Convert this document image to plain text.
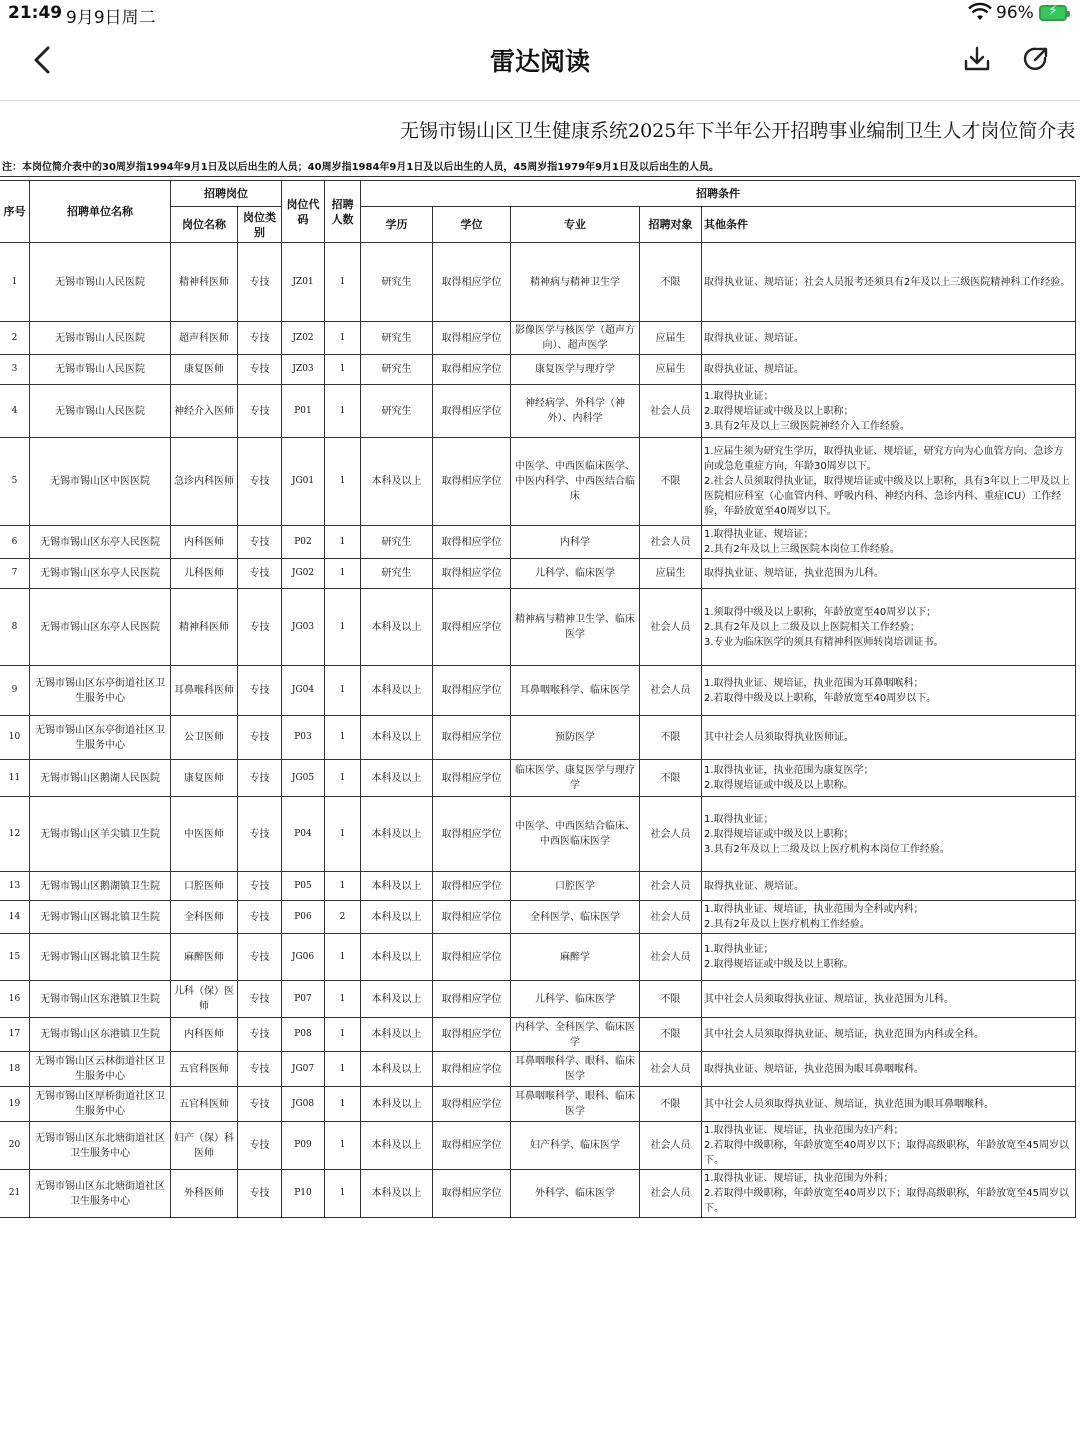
21:49 9月9日周二	96%	⚡
雷达阅读
无锡市锡山区卫生健康系统2025年下半年公开招聘事业编制卫生人才岗位简介表
注：本岗位简介表中的30周岁指1994年9月1日及以后出生的人员；40周岁指1984年9月1日及以后出生的人员，45周岁指1979年9月1日及以后出生的人员。
序号	招聘单位名称	招聘岗位		岗位代码	招聘人数	招聘条件				
		岗位名称	岗位类别			学历	学位	专业	招聘对象	其他条件
1	无锡市锡山人民医院	精神科医师	专技	JZ01	1	研究生	取得相应学位	精神病与精神卫生学	不限	取得执业证、规培证；社会人员报考还须具有2年及以上三级医院精神科工作经验。
2	无锡市锡山人民医院	超声科医师	专技	JZ02	1	研究生	取得相应学位	影像医学与核医学（超声方向）、超声医学	应届生	取得执业证、规培证。
3	无锡市锡山人民医院	康复医师	专技	JZ03	1	研究生	取得相应学位	康复医学与理疗学	应届生	取得执业证、规培证。
4	无锡市锡山人民医院	神经介入医师	专技	P01	1	研究生	取得相应学位	神经病学、外科学（神外）、内科学	社会人员	1.取得执业证；
2.取得规培证或中级及以上职称；
3.具有2年及以上三级医院神经介入工作经验。
5	无锡市锡山区中医医院	急诊内科医师	专技	JG01	1	本科及以上	取得相应学位	中医学、中西医临床医学、中医内科学、中西医结合临床	不限	1.应届生须为研究生学历，取得执业证、规培证，研究方向为心血管方向、急诊方向或急危重症方向，年龄30周岁以下。
2.社会人员须取得执业证，取得规培证或中级及以上职称，具有3年以上二甲及以上医院相应科室（心血管内科、呼吸内科、神经内科、急诊内科、重症ICU）工作经验，年龄放宽至40周岁以下。
6	无锡市锡山区东亭人民医院	内科医师	专技	P02	1	研究生	取得相应学位	内科学	社会人员	1.取得执业证、规培证；
2.具有2年及以上三级医院本岗位工作经验。
7	无锡市锡山区东亭人民医院	儿科医师	专技	JG02	1	研究生	取得相应学位	儿科学、临床医学	应届生	取得执业证、规培证，执业范围为儿科。
8	无锡市锡山区东亭人民医院	精神科医师	专技	JG03	1	本科及以上	取得相应学位	精神病与精神卫生学、临床医学	社会人员	1.须取得中级及以上职称，年龄放宽至40周岁以下；
2.具有2年及以上二级及以上医院相关工作经验；
3.专业为临床医学的须具有精神科医师转岗培训证书。
9	无锡市锡山区东亭街道社区卫生服务中心	耳鼻喉科医师	专技	JG04	1	本科及以上	取得相应学位	耳鼻咽喉科学、临床医学	社会人员	1.取得执业证、规培证，执业范围为耳鼻咽喉科；
2.若取得中级及以上职称，年龄放宽至40周岁以下。
10	无锡市锡山区东亭街道社区卫生服务中心	公卫医师	专技	P03	1	本科及以上	取得相应学位	预防医学	不限	其中社会人员须取得执业医师证。
11	无锡市锡山区鹅湖人民医院	康复医师	专技	JG05	1	本科及以上	取得相应学位	临床医学、康复医学与理疗学	不限	1.取得执业证，执业范围为康复医学；
2.取得规培证或中级及以上职称。
12	无锡市锡山区羊尖镇卫生院	中医医师	专技	P04	1	本科及以上	取得相应学位	中医学、中西医结合临床、中西医临床医学	社会人员	1.取得执业证；
2.取得规培证或中级及以上职称；
3.具有2年及以上二级及以上医疗机构本岗位工作经验。
13	无锡市锡山区鹅湖镇卫生院	口腔医师	专技	P05	1	本科及以上	取得相应学位	口腔医学	社会人员	取得执业证、规培证。
14	无锡市锡山区锡北镇卫生院	全科医师	专技	P06	2	本科及以上	取得相应学位	全科医学、临床医学	社会人员	1.取得执业证、规培证，执业范围为全科或内科；
2.具有2年及以上医疗机构工作经验。
15	无锡市锡山区锡北镇卫生院	麻醉医师	专技	JG06	1	本科及以上	取得相应学位	麻醉学	社会人员	1.取得执业证；
2.取得规培证或中级及以上职称。
16	无锡市锡山区东港镇卫生院	儿科（保）医师	专技	P07	1	本科及以上	取得相应学位	儿科学、临床医学	不限	其中社会人员须取得执业证、规培证，执业范围为儿科。
17	无锡市锡山区东港镇卫生院	内科医师	专技	P08	1	本科及以上	取得相应学位	内科学、全科医学、临床医学	不限	其中社会人员须取得执业证、规培证，执业范围为内科或全科。
18	无锡市锡山区云林街道社区卫生服务中心	五官科医师	专技	JG07	1	本科及以上	取得相应学位	耳鼻咽喉科学、眼科、临床医学	社会人员	取得执业证、规培证，执业范围为眼耳鼻咽喉科。
19	无锡市锡山区厚桥街道社区卫生服务中心	五官科医师	专技	JG08	1	本科及以上	取得相应学位	耳鼻咽喉科学、眼科、临床医学	不限	其中社会人员须取得执业证、规培证，执业范围为眼耳鼻咽喉科。
20	无锡市锡山区东北塘街道社区卫生服务中心	妇产（保）科医师	专技	P09	1	本科及以上	取得相应学位	妇产科学、临床医学	社会人员	1.取得执业证、规培证，执业范围为妇产科；
2.若取得中级职称，年龄放宽至40周岁以下；取得高级职称，年龄放宽至45周岁以下。
21	无锡市锡山区东北塘街道社区卫生服务中心	外科医师	专技	P10	1	本科及以上	取得相应学位	外科学、临床医学	社会人员	1.取得执业证、规培证，执业范围为外科；
2.若取得中级职称，年龄放宽至40周岁以下；取得高级职称，年龄放宽至45周岁以下。
